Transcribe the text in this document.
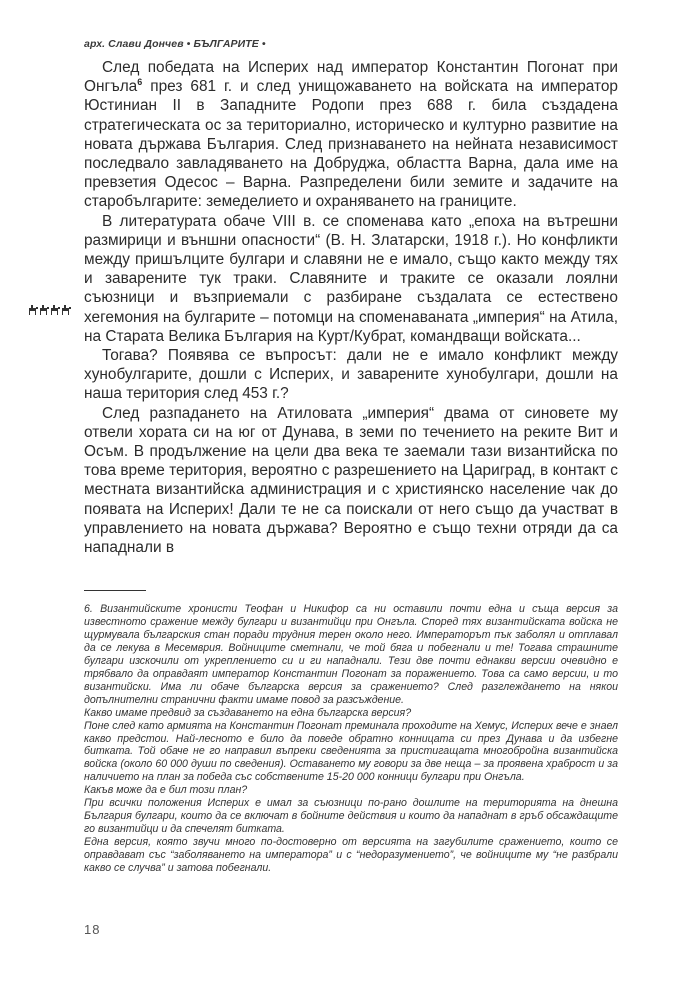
арх. Слави Дончев • БЪЛГАРИТЕ •

След победата на Исперих над император Константин Погонат при Онгъла$^6$ през 681 г. и след унищожаването на войската на император Юстиниан II в Западните Родопи през 688 г. била създадена стратегическата ос за териториално, историческо и културно развитие на новата държава България. След признаването на нейната независимост последвало завладяването на Добруджа, областта Варна, дала име на превзетия Одесос – Варна. Разпределени били земите и задачите на старобългарите: земеделието и охраняването на границите.

В литературата обаче VIII в. се споменава като „епоха на вътрешни размирици и външни опасности“ (В. Н. Златарски, 1918 г.). Но конфликти между пришълците булгари и славяни не е имало, също както между тях и заварените тук траки. Славяните и траките се оказали лоялни съюзници и възприемали с разбиране създалата се естествено хегемония на булгарите – потомци на споменаваната „империя“ на Атила, на Старата Велика България на Курт/Кубрат, командващи войската...

Тогава? Появява се въпросът: дали не е имало конфликт между хунобулгарите, дошли с Исперих, и заварените хунобулгари, дошли на наша територия след 453 г.?

След разпадането на Атиловата „империя“ двама от синовете му отвели хората си на юг от Дунава, в земи по течението на реките Вит и Осъм. В продължение на цели два века те заемали тази византийска по това време територия, вероятно с разрешението на Цариград, в контакт с местната византийска администрация и с християнско население чак до появата на Исперих! Дали те не са поискали от него също да участват в управлението на новата държава? Вероятно е също техни отряди да са нападнали в

6. Византийските хронисти Теофан и Никифор са ни оставили почти една и съща версия за известното сражение между булгари и византийци при Онгъла. Според тях византийската войска не щурмувала българския стан поради трудния терен около него. Императорът пък заболял и отплавал да се лекува в Месемврия. Войниците сметнали, че той бяга и побегнали и те! Тогава страшните булгари изскочили от укреплението си и ги нападнали. Тези две почти еднакви версии очевидно е трябвало да оправдаят император Константин Погонат за поражението. Това са само версии, и то византийски. Има ли обаче българска версия за сражението? След разглеждането на някои допълнителни странични факти имаме повод за разсъждение.

Какво имаме предвид за създаването на една българска версия?

Поне след като армията на Константин Погонат преминала проходите на Хемус, Исперих вече е знаел какво предстои. Най-лесното е било да поведе обратно конницата си през Дунава и да избегне битката. Той обаче не го направил въпреки сведенията за пристигащата многобройна византийска войска (около 60 000 души по сведения). Оставането му говори за две неща – за проявена храброст и за наличието на план за победа със собствените 15-20 000 конници булгари при Онгъла.

Какъв може да е бил този план?

При всички положения Исперих е имал за съюзници по-рано дошлите на територията на днешна България булгари, които да се включат в бойните действия и които да нападнат в гръб обсаждащите го византийци и да спечелят битката.

Една версия, която звучи много по-достоверно от версията на загубилите сражението, които се оправдават със “заболяването на императора” и с “недоразумението”, че войниците му “не разбрали какво се случва” и затова побегнали.

18
